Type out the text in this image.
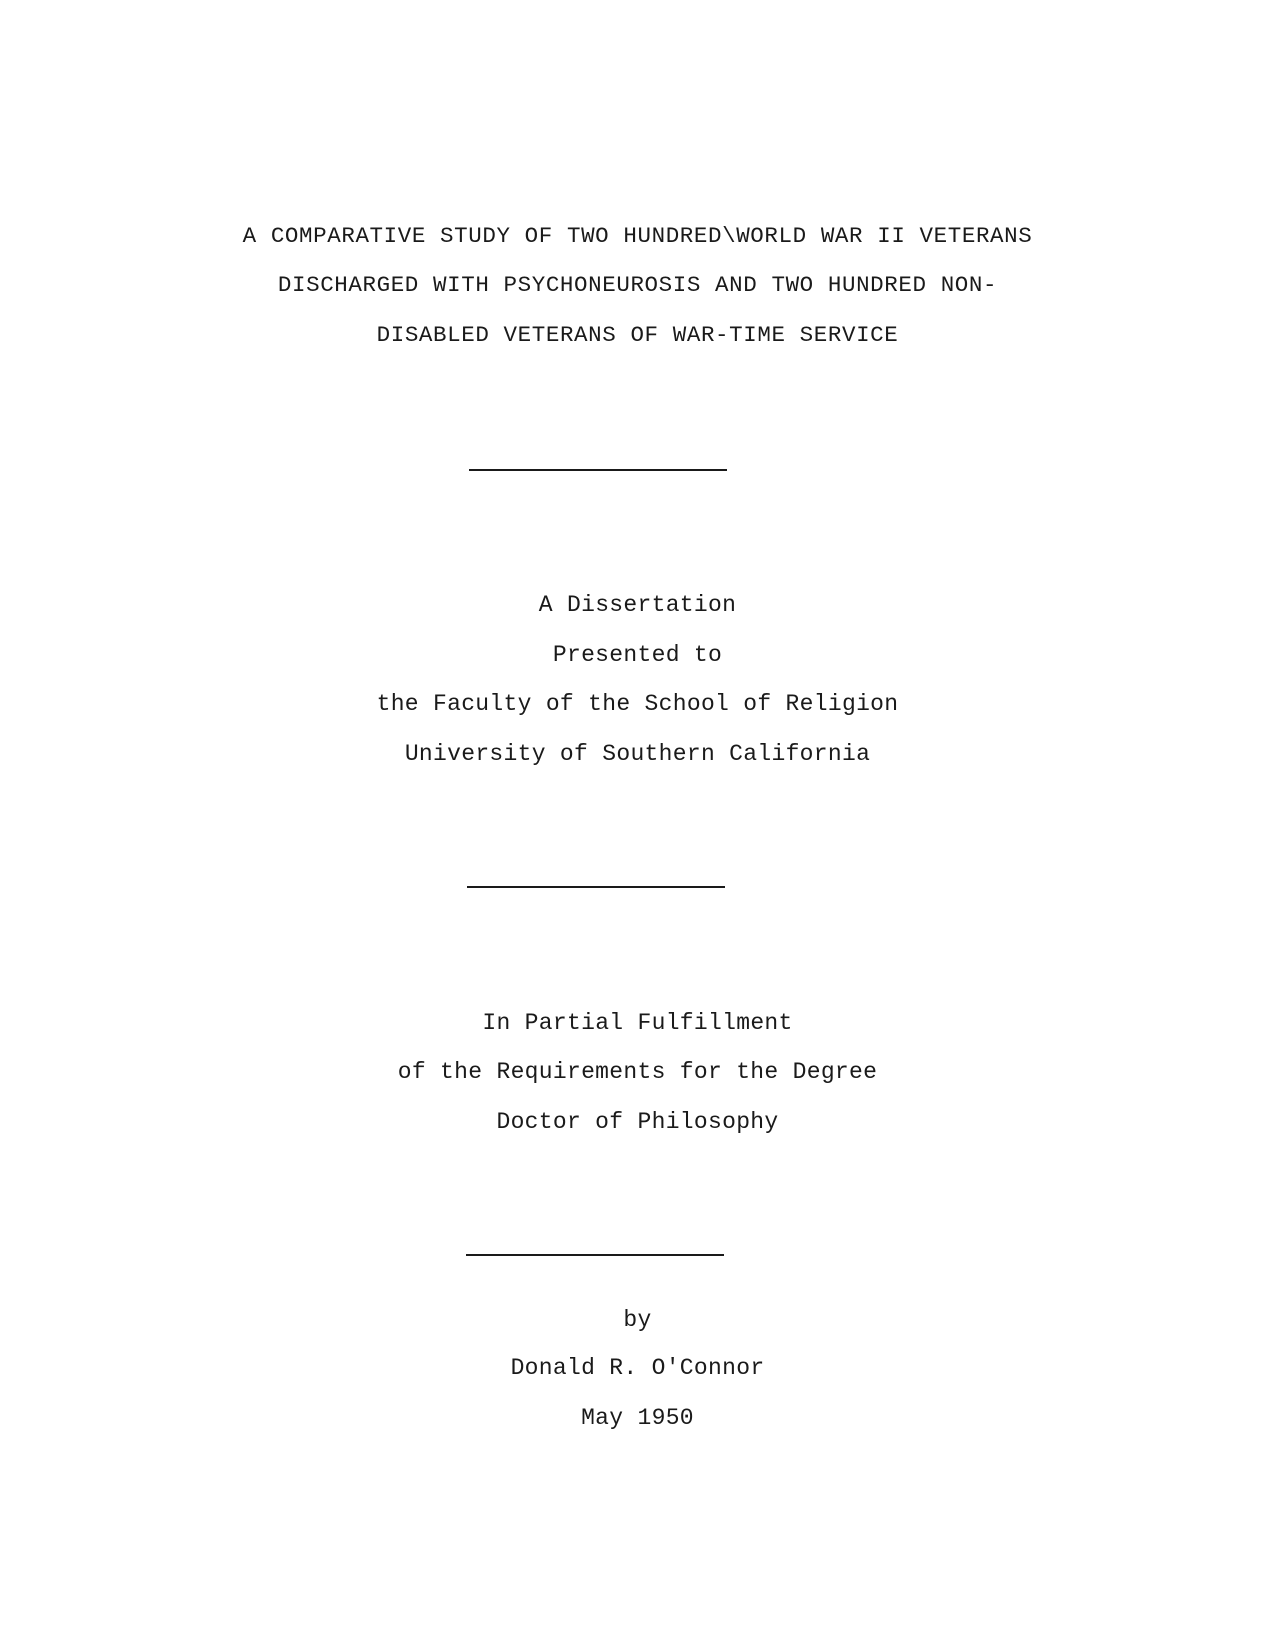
A COMPARATIVE STUDY OF TWO HUNDRED\WORLD WAR II VETERANS
DISCHARGED WITH PSYCHONEUROSIS AND TWO HUNDRED NON-
DISABLED VETERANS OF WAR-TIME SERVICE
A Dissertation
Presented to
the Faculty of the School of Religion
University of Southern California
In Partial Fulfillment
of the Requirements for the Degree
Doctor of Philosophy
by
Donald R. O'Connor
May 1950
